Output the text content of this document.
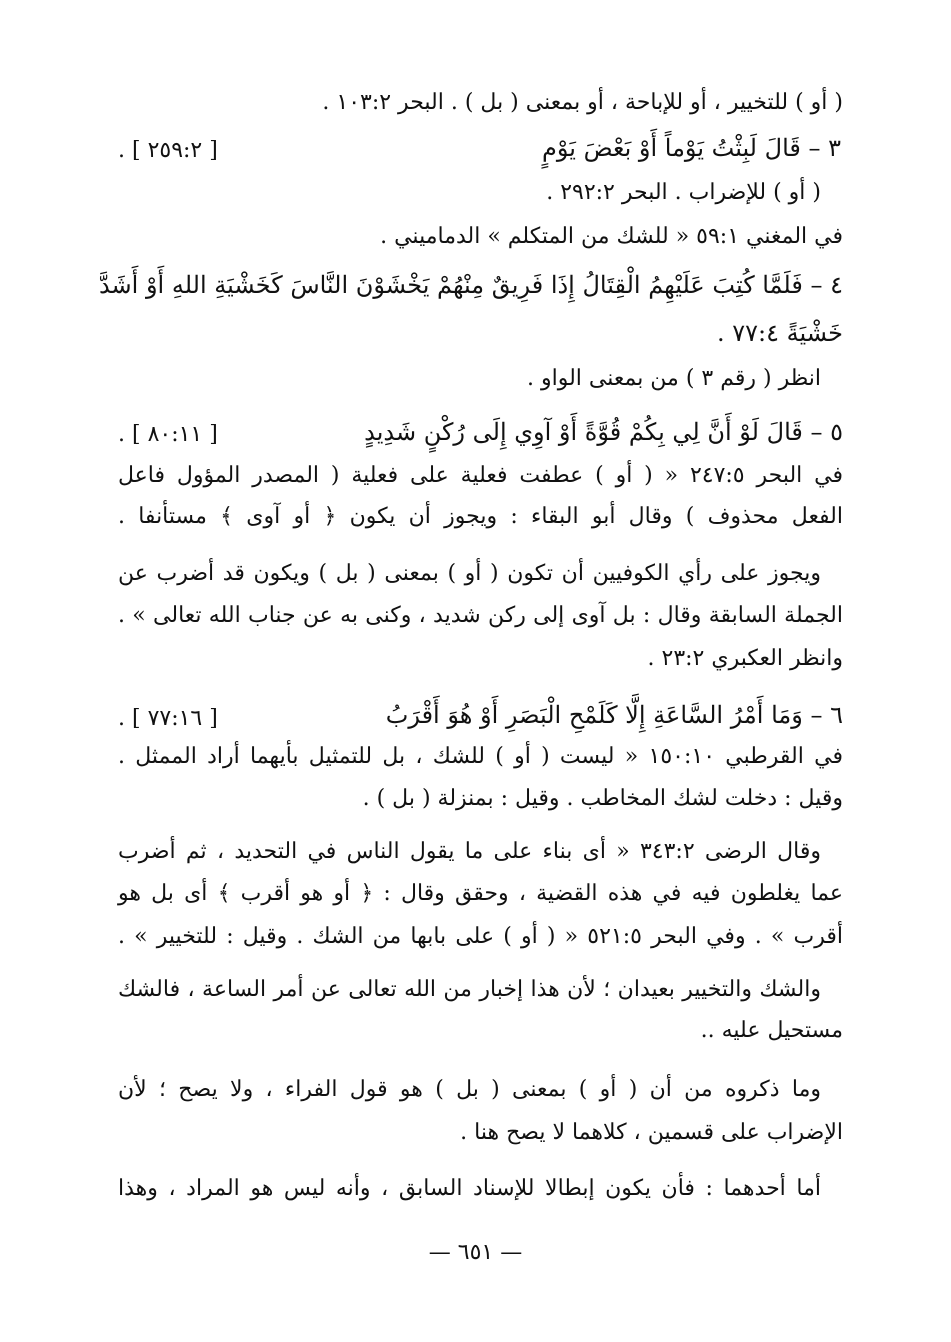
( أو ) للتخيير ، أو للإباحة ، أو بمعنى ( بل ) . البحر ١٠٣:٢ .
٣ – قَالَ لَبِثْتُ يَوْماً أَوْ بَعْضَ يَوْمٍ
[ ٢٥٩:٢ ] .
( أو ) للإضراب . البحر ٢٩٢:٢ .
في المغني ٥٩:١ « للشك من المتكلم » الدماميني .
٤ – فَلَمَّا كُتِبَ عَلَيْهِمُ الْقِتَالُ إِذَا فَرِيقٌ مِنْهُمْ يَخْشَوْنَ النَّاسَ كَخَشْيَةِ اللهِ أَوْ أَشَدَّ
خَشْيَةً ٧٧:٤ .
انظر ( رقم ٣ ) من بمعنى الواو .
٥ – قَالَ لَوْ أَنَّ لِي بِكُمْ قُوَّةً أَوْ آوِي إِلَى رُكْنٍ شَدِيدٍ
[ ٨٠:١١ ] .
في البحر ٢٤٧:٥ « ( أو ) عطفت فعلية على فعلية ( المصدر المؤول فاعل
الفعل محذوف ) وقال أبو البقاء : ويجوز أن يكون ﴿ أو آوى ﴾ مستأنفا .
ويجوز على رأي الكوفيين أن تكون ( أو ) بمعنى ( بل ) ويكون قد أضرب عن
الجملة السابقة وقال : بل آوى إلى ركن شديد ، وكنى به عن جناب الله تعالى » .
وانظر العكبري ٢٣:٢ .
٦ – وَمَا أَمْرُ السَّاعَةِ إِلَّا كَلَمْحِ الْبَصَرِ أَوْ هُوَ أَقْرَبُ
[ ٧٧:١٦ ] .
في القرطبي ١٥٠:١٠ « ليست ( أو ) للشك ، بل للتمثيل بأيهما أراد الممثل .
وقيل : دخلت لشك المخاطب . وقيل : بمنزلة ( بل ) .
وقال الرضى ٣٤٣:٢ « أى بناء على ما يقول الناس في التحديد ، ثم أضرب
عما يغلطون فيه في هذه القضية ، وحقق وقال : ﴿ أو هو أقرب ﴾ أى بل هو
أقرب » . وفي البحر ٥٢١:٥ « ( أو ) على بابها من الشك . وقيل : للتخيير » .
والشك والتخيير بعيدان ؛ لأن هذا إخبار من الله تعالى عن أمر الساعة ، فالشك
مستحيل عليه ..
وما ذكروه من أن ( أو ) بمعنى ( بل ) هو قول الفراء ، ولا يصح ؛ لأن
الإضراب على قسمين ، كلاهما لا يصح هنا .
أما أحدهما : فأن يكون إبطالا للإسناد السابق ، وأنه ليس هو المراد ، وهذا
— ٦٥١ —
